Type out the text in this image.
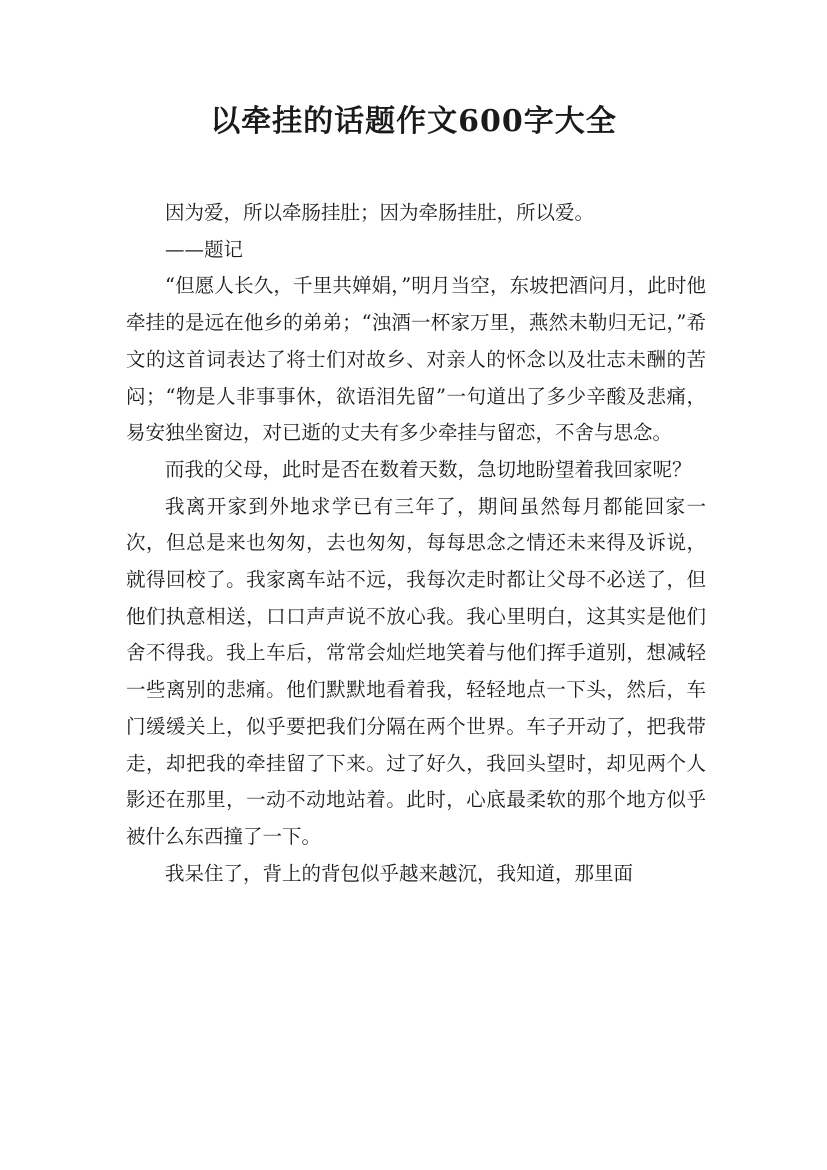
以牵挂的话题作文600字大全

因为爱，所以牵肠挂肚；因为牵肠挂肚，所以爱。

——题记

“但愿人长久，千里共婵娟，”明月当空，东坡把酒问月，此时他牵挂的是远在他乡的弟弟；“浊酒一杯家万里，燕然未勒归无记，”希文的这首词表达了将士们对故乡、对亲人的怀念以及壮志未酬的苦闷；“物是人非事事休，欲语泪先留”一句道出了多少辛酸及悲痛，易安独坐窗边，对已逝的丈夫有多少牵挂与留恋，不舍与思念。

而我的父母，此时是否在数着天数，急切地盼望着我回家呢？

我离开家到外地求学已有三年了，期间虽然每月都能回家一次，但总是来也匆匆，去也匆匆，每每思念之情还未来得及诉说，就得回校了。我家离车站不远，我每次走时都让父母不必送了，但他们执意相送，口口声声说不放心我。我心里明白，这其实是他们舍不得我。我上车后，常常会灿烂地笑着与他们挥手道别，想减轻一些离别的悲痛。他们默默地看着我，轻轻地点一下头，然后，车门缓缓关上，似乎要把我们分隔在两个世界。车子开动了，把我带走，却把我的牵挂留了下来。过了好久，我回头望时，却见两个人影还在那里，一动不动地站着。此时，心底最柔软的那个地方似乎被什么东西撞了一下。

我呆住了，背上的背包似乎越来越沉，我知道，那里面
